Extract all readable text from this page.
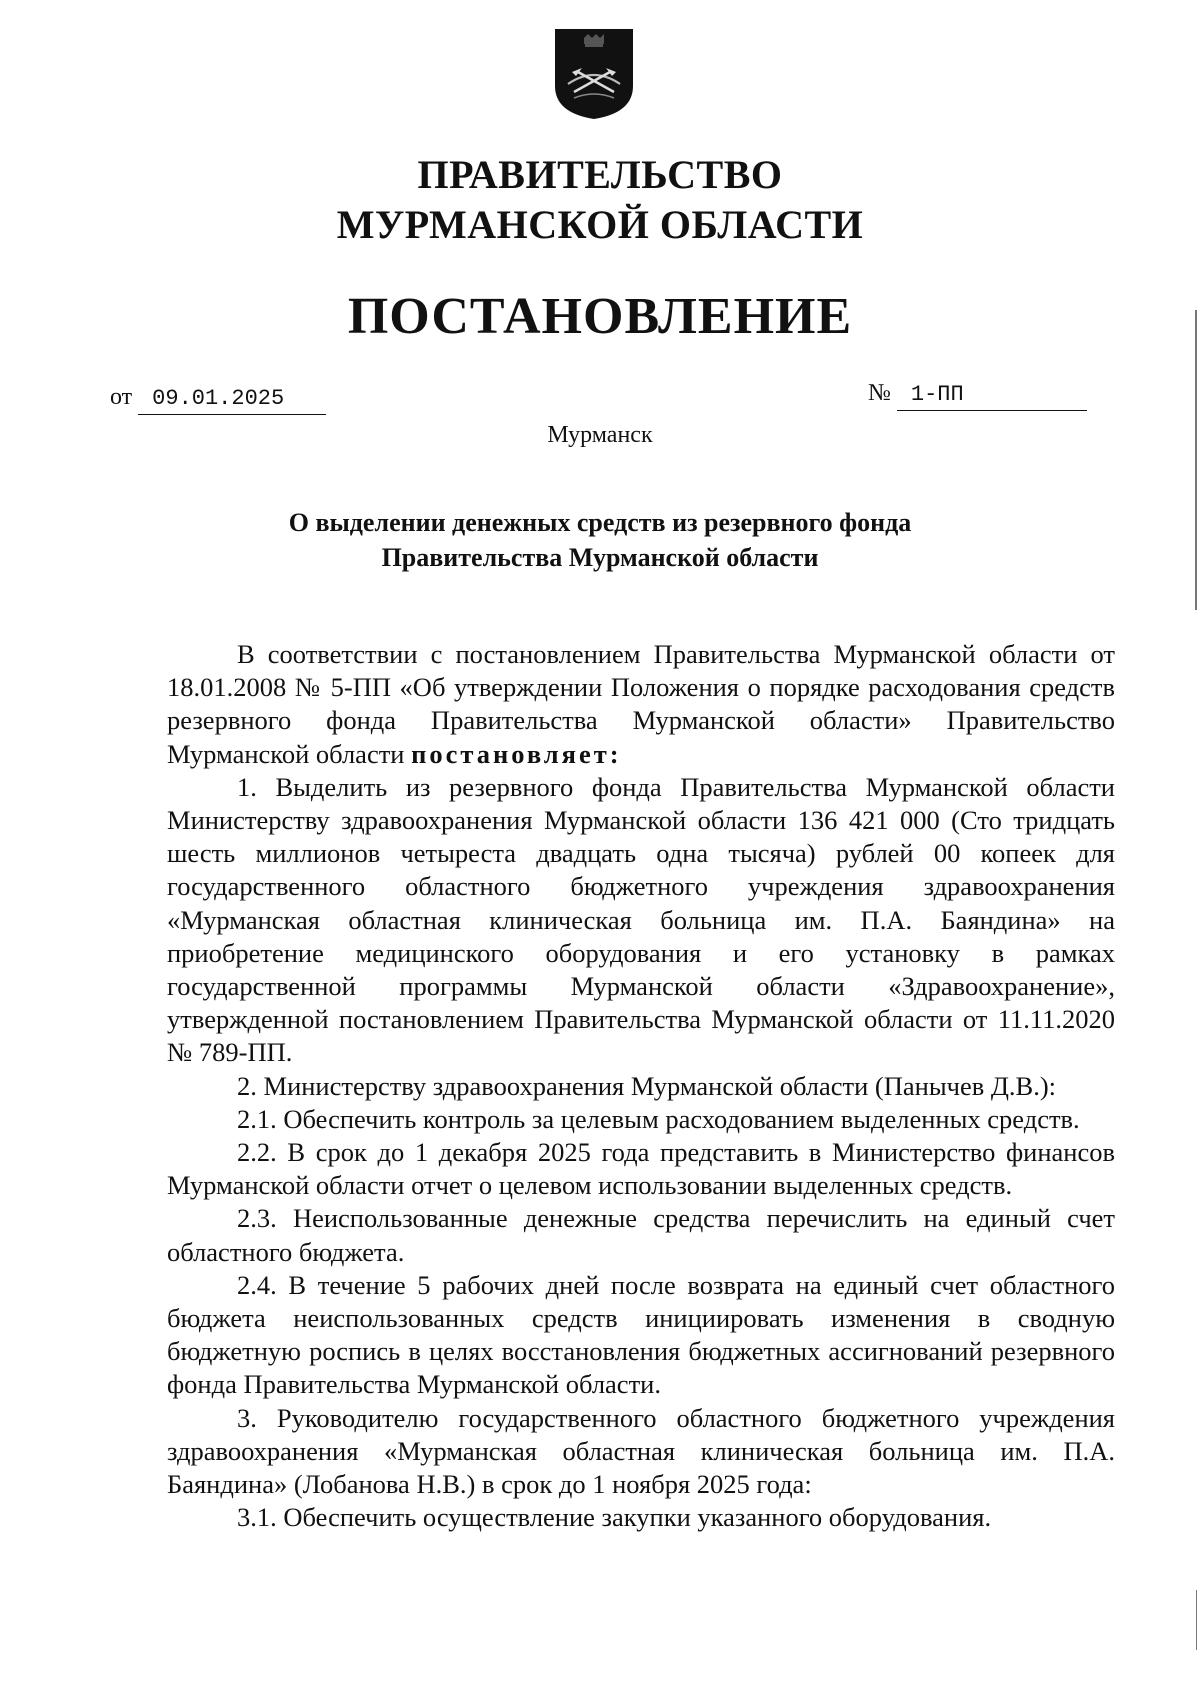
ПРАВИТЕЛЬСТВО
МУРМАНСКОЙ ОБЛАСТИ
ПОСТАНОВЛЕНИЕ
от 09.01.2025	№ 1-ПП
Мурманск
О выделении денежных средств из резервного фонда
Правительства Мурманской области

В соответствии с постановлением Правительства Мурманской области от 18.01.2008 № 5-ПП «Об утверждении Положения о порядке расходования средств резервного фонда Правительства Мурманской области» Правительство Мурманской области постановляет:

1. Выделить из резервного фонда Правительства Мурманской области Министерству здравоохранения Мурманской области 136 421 000 (Сто тридцать шесть миллионов четыреста двадцать одна тысяча) рублей 00 копеек для государственного областного бюджетного учреждения здравоохранения «Мурманская областная клиническая больница им. П.А. Баяндина» на приобретение медицинского оборудования и его установку в рамках государственной программы Мурманской области «Здравоохранение», утвержденной постановлением Правительства Мурманской области от 11.11.2020 № 789-ПП.

2. Министерству здравоохранения Мурманской области (Панычев Д.В.):

2.1. Обеспечить контроль за целевым расходованием выделенных средств.

2.2. В срок до 1 декабря 2025 года представить в Министерство финансов Мурманской области отчет о целевом использовании выделенных средств.

2.3. Неиспользованные денежные средства перечислить на единый счет областного бюджета.

2.4. В течение 5 рабочих дней после возврата на единый счет областного бюджета неиспользованных средств инициировать изменения в сводную бюджетную роспись в целях восстановления бюджетных ассигнований резервного фонда Правительства Мурманской области.

3. Руководителю государственного областного бюджетного учреждения здравоохранения «Мурманская областная клиническая больница им. П.А. Баяндина» (Лобанова Н.В.) в срок до 1 ноября 2025 года:

3.1. Обеспечить осуществление закупки указанного оборудования.
